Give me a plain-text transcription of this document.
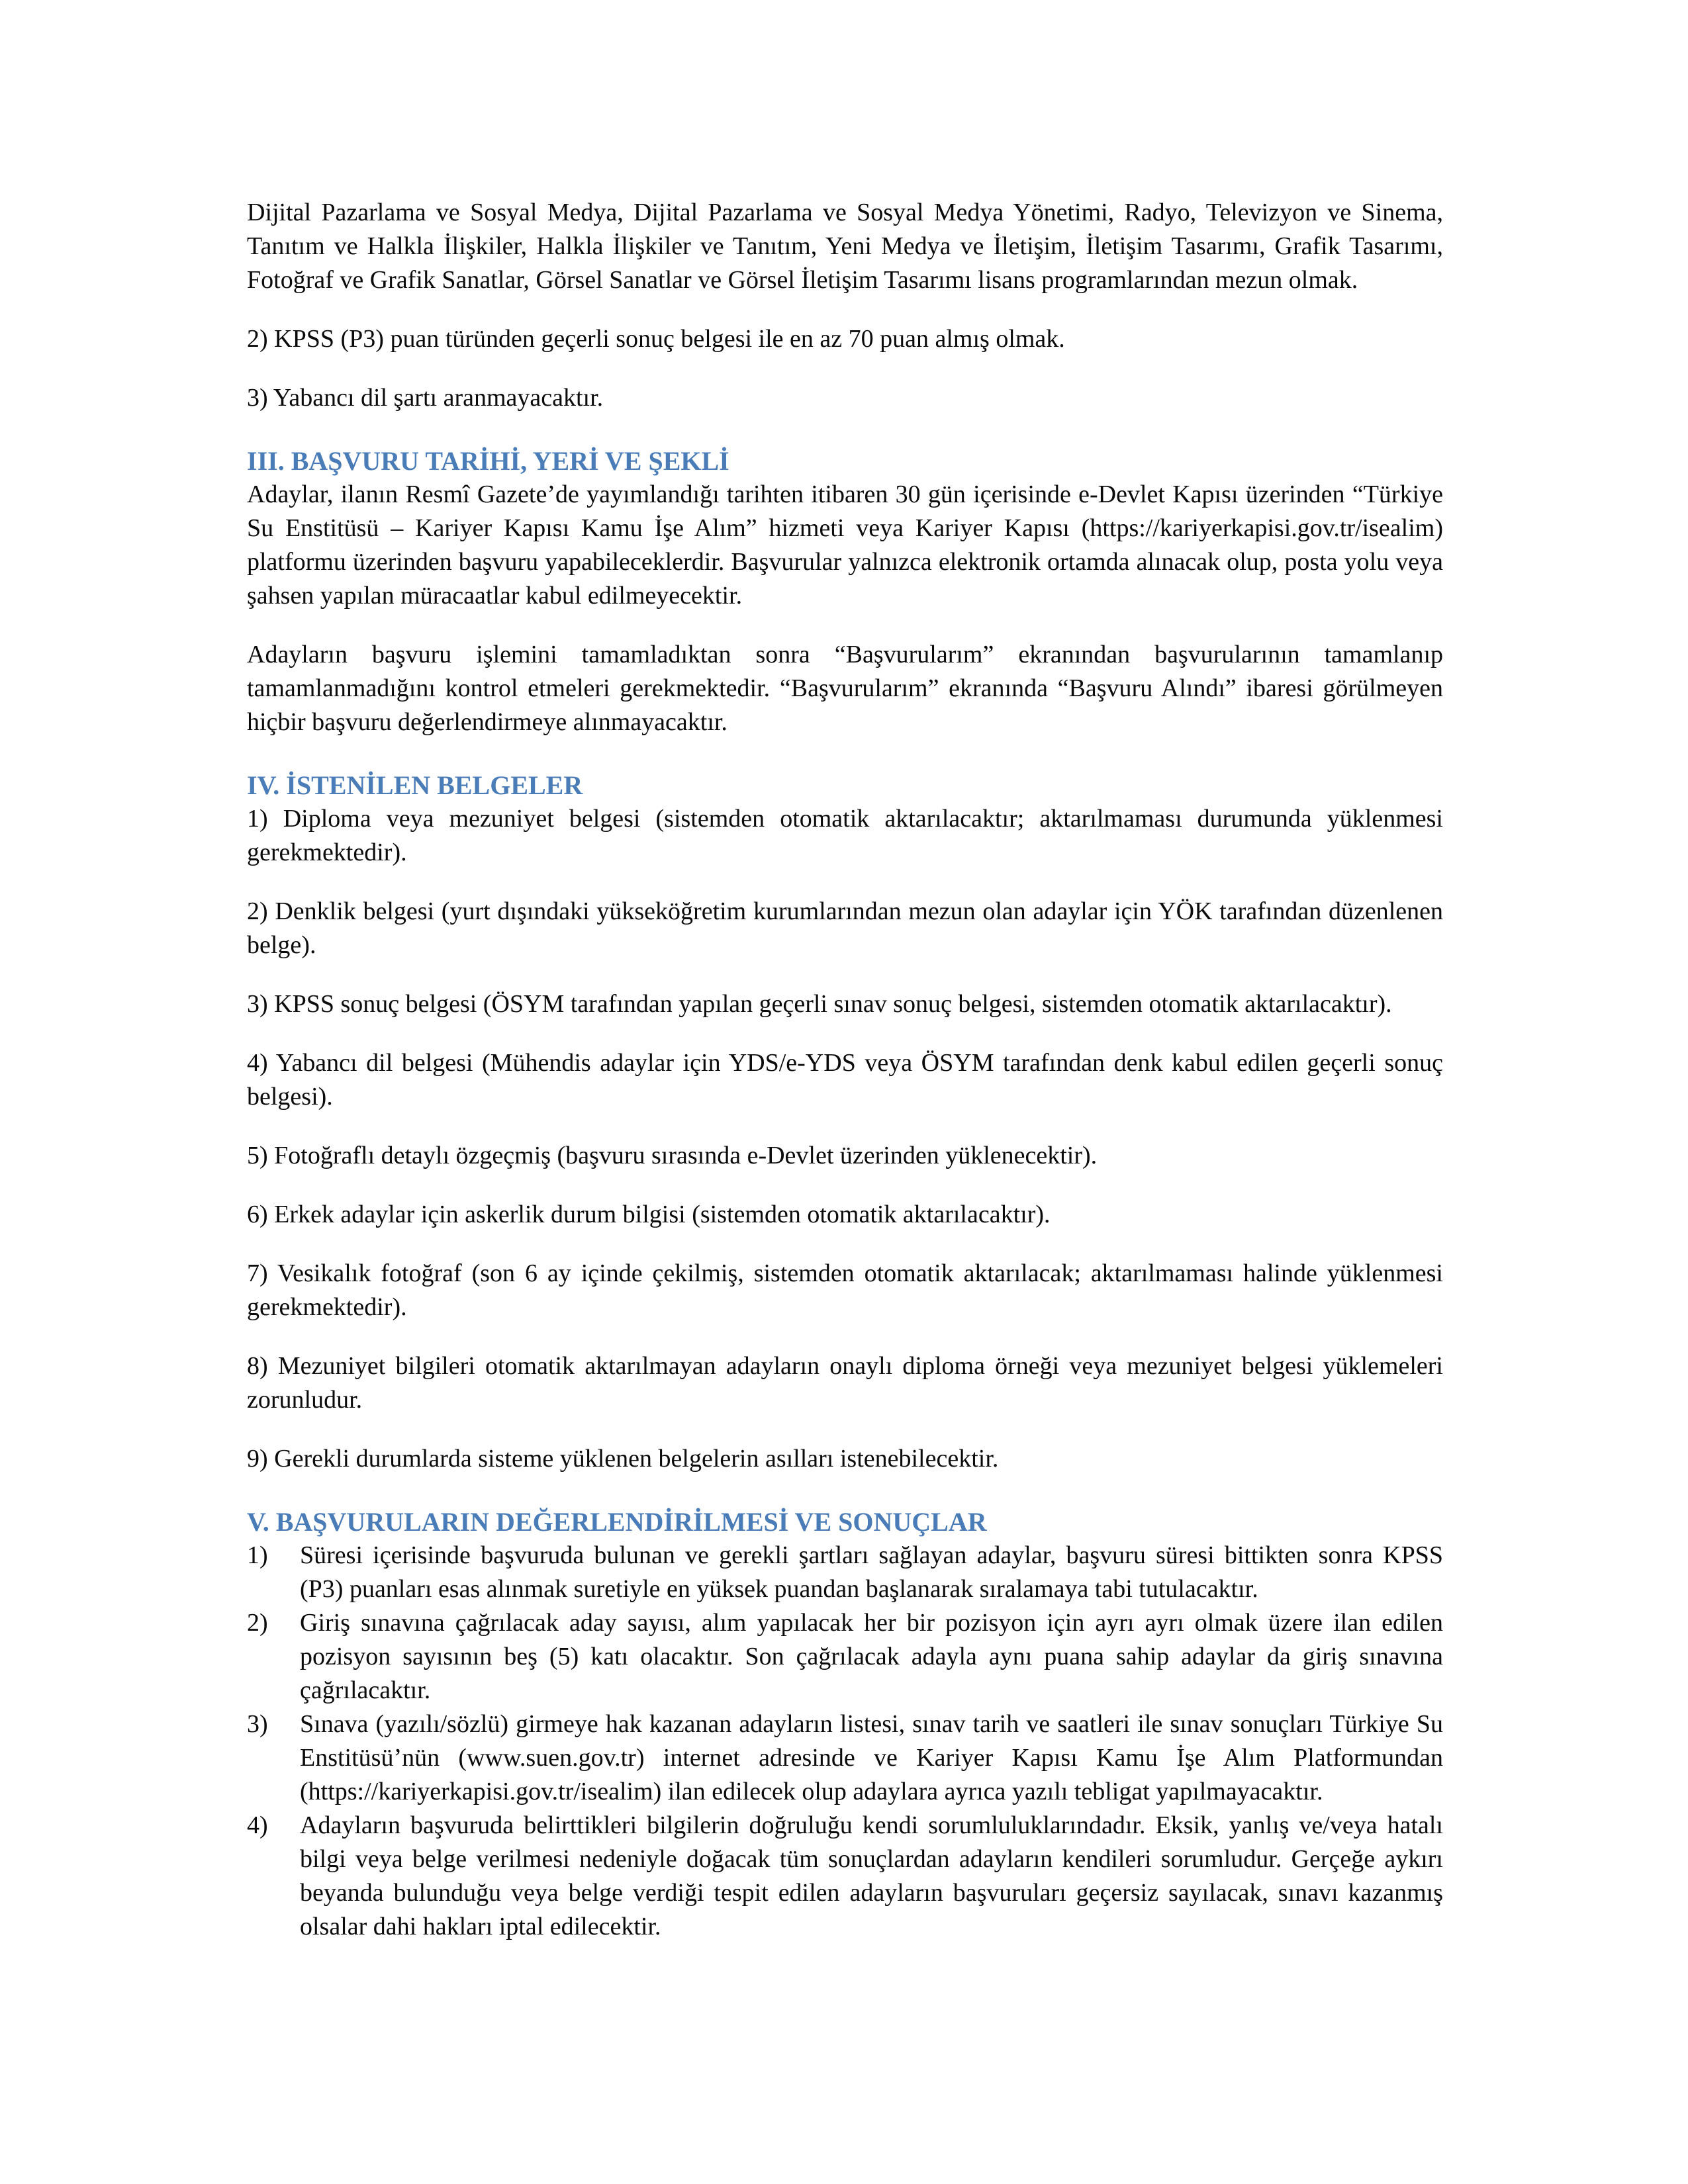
Dijital Pazarlama ve Sosyal Medya, Dijital Pazarlama ve Sosyal Medya Yönetimi, Radyo, Televizyon ve Sinema, Tanıtım ve Halkla İlişkiler, Halkla İlişkiler ve Tanıtım, Yeni Medya ve İletişim, İletişim Tasarımı, Grafik Tasarımı, Fotoğraf ve Grafik Sanatlar, Görsel Sanatlar ve Görsel İletişim Tasarımı lisans programlarından mezun olmak.

2) KPSS (P3) puan türünden geçerli sonuç belgesi ile en az 70 puan almış olmak.

3) Yabancı dil şartı aranmayacaktır.

III. BAŞVURU TARİHİ, YERİ VE ŞEKLİ

Adaylar, ilanın Resmî Gazete’de yayımlandığı tarihten itibaren 30 gün içerisinde e-Devlet Kapısı üzerinden “Türkiye Su Enstitüsü – Kariyer Kapısı Kamu İşe Alım” hizmeti veya Kariyer Kapısı (https://kariyerkapisi.gov.tr/isealim) platformu üzerinden başvuru yapabileceklerdir. Başvurular yalnızca elektronik ortamda alınacak olup, posta yolu veya şahsen yapılan müracaatlar kabul edilmeyecektir.

Adayların başvuru işlemini tamamladıktan sonra “Başvurularım” ekranından başvurularının tamamlanıp tamamlanmadığını kontrol etmeleri gerekmektedir. “Başvurularım” ekranında “Başvuru Alındı” ibaresi görülmeyen hiçbir başvuru değerlendirmeye alınmayacaktır.

IV. İSTENİLEN BELGELER

1) Diploma veya mezuniyet belgesi (sistemden otomatik aktarılacaktır; aktarılmaması durumunda yüklenmesi gerekmektedir).

2) Denklik belgesi (yurt dışındaki yükseköğretim kurumlarından mezun olan adaylar için YÖK tarafından düzenlenen belge).

3) KPSS sonuç belgesi (ÖSYM tarafından yapılan geçerli sınav sonuç belgesi, sistemden otomatik aktarılacaktır).

4) Yabancı dil belgesi (Mühendis adaylar için YDS/e-YDS veya ÖSYM tarafından denk kabul edilen geçerli sonuç belgesi).

5) Fotoğraflı detaylı özgeçmiş (başvuru sırasında e-Devlet üzerinden yüklenecektir).

6) Erkek adaylar için askerlik durum bilgisi (sistemden otomatik aktarılacaktır).

7) Vesikalık fotoğraf (son 6 ay içinde çekilmiş, sistemden otomatik aktarılacak; aktarılmaması halinde yüklenmesi gerekmektedir).

8) Mezuniyet bilgileri otomatik aktarılmayan adayların onaylı diploma örneği veya mezuniyet belgesi yüklemeleri zorunludur.

9) Gerekli durumlarda sisteme yüklenen belgelerin asılları istenebilecektir.

V. BAŞVURULARIN DEĞERLENDİRİLMESİ VE SONUÇLAR
1) Süresi içerisinde başvuruda bulunan ve gerekli şartları sağlayan adaylar, başvuru süresi bittikten sonra KPSS (P3) puanları esas alınmak suretiyle en yüksek puandan başlanarak sıralamaya tabi tutulacaktır.
2) Giriş sınavına çağrılacak aday sayısı, alım yapılacak her bir pozisyon için ayrı ayrı olmak üzere ilan edilen pozisyon sayısının beş (5) katı olacaktır. Son çağrılacak adayla aynı puana sahip adaylar da giriş sınavına çağrılacaktır.
3) Sınava (yazılı/sözlü) girmeye hak kazanan adayların listesi, sınav tarih ve saatleri ile sınav sonuçları Türkiye Su Enstitüsü’nün (www.suen.gov.tr) internet adresinde ve Kariyer Kapısı Kamu İşe Alım Platformundan (https://kariyerkapisi.gov.tr/isealim) ilan edilecek olup adaylara ayrıca yazılı tebligat yapılmayacaktır.
4) Adayların başvuruda belirttikleri bilgilerin doğruluğu kendi sorumluluklarındadır. Eksik, yanlış ve/veya hatalı bilgi veya belge verilmesi nedeniyle doğacak tüm sonuçlardan adayların kendileri sorumludur. Gerçeğe aykırı beyanda bulunduğu veya belge verdiği tespit edilen adayların başvuruları geçersiz sayılacak, sınavı kazanmış olsalar dahi hakları iptal edilecektir.
